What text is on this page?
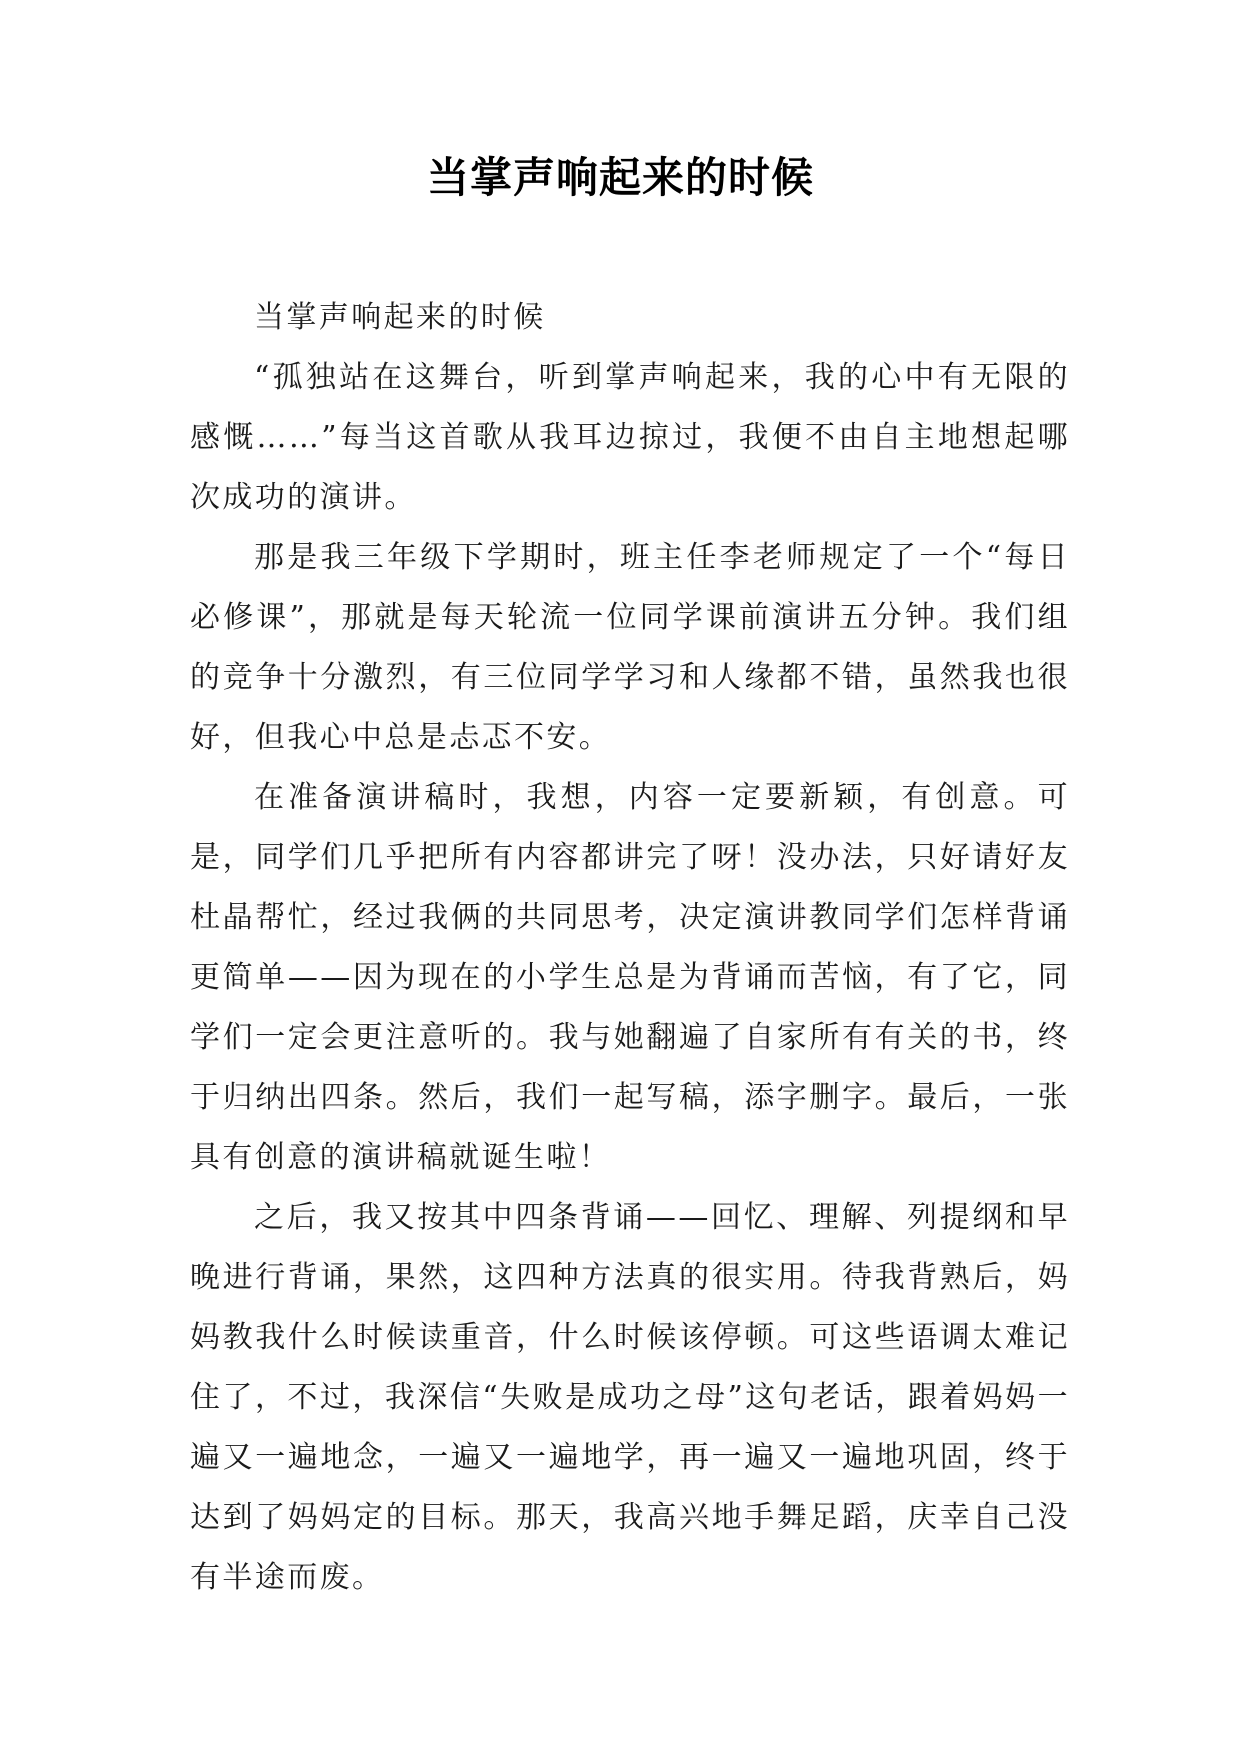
当掌声响起来的时候

当掌声响起来的时候

“孤独站在这舞台，听到掌声响起来，我的心中有无限的感慨……”每当这首歌从我耳边掠过，我便不由自主地想起哪次成功的演讲。

那是我三年级下学期时，班主任李老师规定了一个“每日必修课”，那就是每天轮流一位同学课前演讲五分钟。我们组的竞争十分激烈，有三位同学学习和人缘都不错，虽然我也很好，但我心中总是忐忑不安。

在准备演讲稿时，我想，内容一定要新颖，有创意。可是，同学们几乎把所有内容都讲完了呀！没办法，只好请好友杜晶帮忙，经过我俩的共同思考，决定演讲教同学们怎样背诵更简单——因为现在的小学生总是为背诵而苦恼，有了它，同学们一定会更注意听的。我与她翻遍了自家所有有关的书，终于归纳出四条。然后，我们一起写稿，添字删字。最后，一张具有创意的演讲稿就诞生啦！

之后，我又按其中四条背诵——回忆、理解、列提纲和早晚进行背诵，果然，这四种方法真的很实用。待我背熟后，妈妈教我什么时候读重音，什么时候该停顿。可这些语调太难记住了，不过，我深信“失败是成功之母”这句老话，跟着妈妈一遍又一遍地念，一遍又一遍地学，再一遍又一遍地巩固，终于达到了妈妈定的目标。那天，我高兴地手舞足蹈，庆幸自己没有半途而废。
